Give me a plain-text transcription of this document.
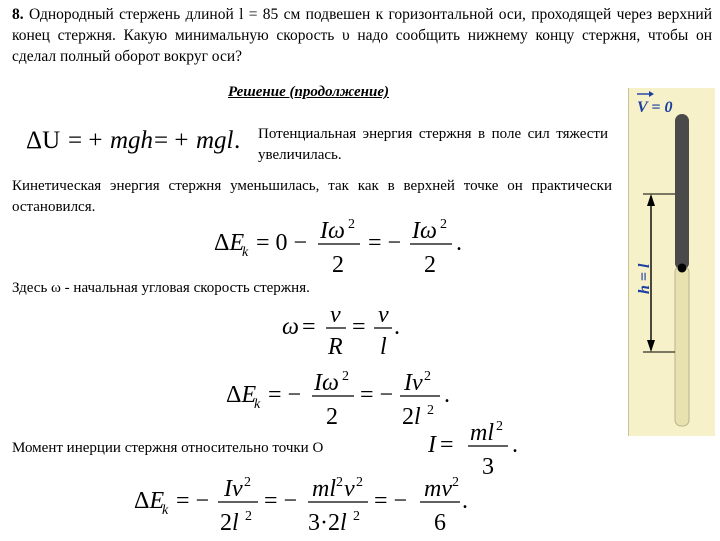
8. Однородный стержень длиной l = 85 см подвешен к горизонтальной оси, проходящей через верхний конец стержня. Какую минимальную скорость υ надо сообщить нижнему концу стержня, чтобы он сделал полный оборот вокруг оси?
Решение (продолжение)
ΔU = + mgh = + mgl . Потенциальная энергия стержня в поле сил тяжести увеличилась.
Кинетическая энергия стержня уменьшилась, так как в верхней точке он практически остановился.
ΔE
k = 0 − Iω 2
2
= − Iω 2
2
.
Здесь ω - начальная угловая скорость стержня.
ω = v
R
= v
l
.
ΔE
k = − Iω 2
2
= − Iv 2
2l 2
.
Момент инерции стержня относительно точки О	I = ml 2
3
.
ΔE
k = − Iv 2
2l 2
= − ml 2 v 2
3·2l 2
= − mv 2
6
.
V = 0
h = l
